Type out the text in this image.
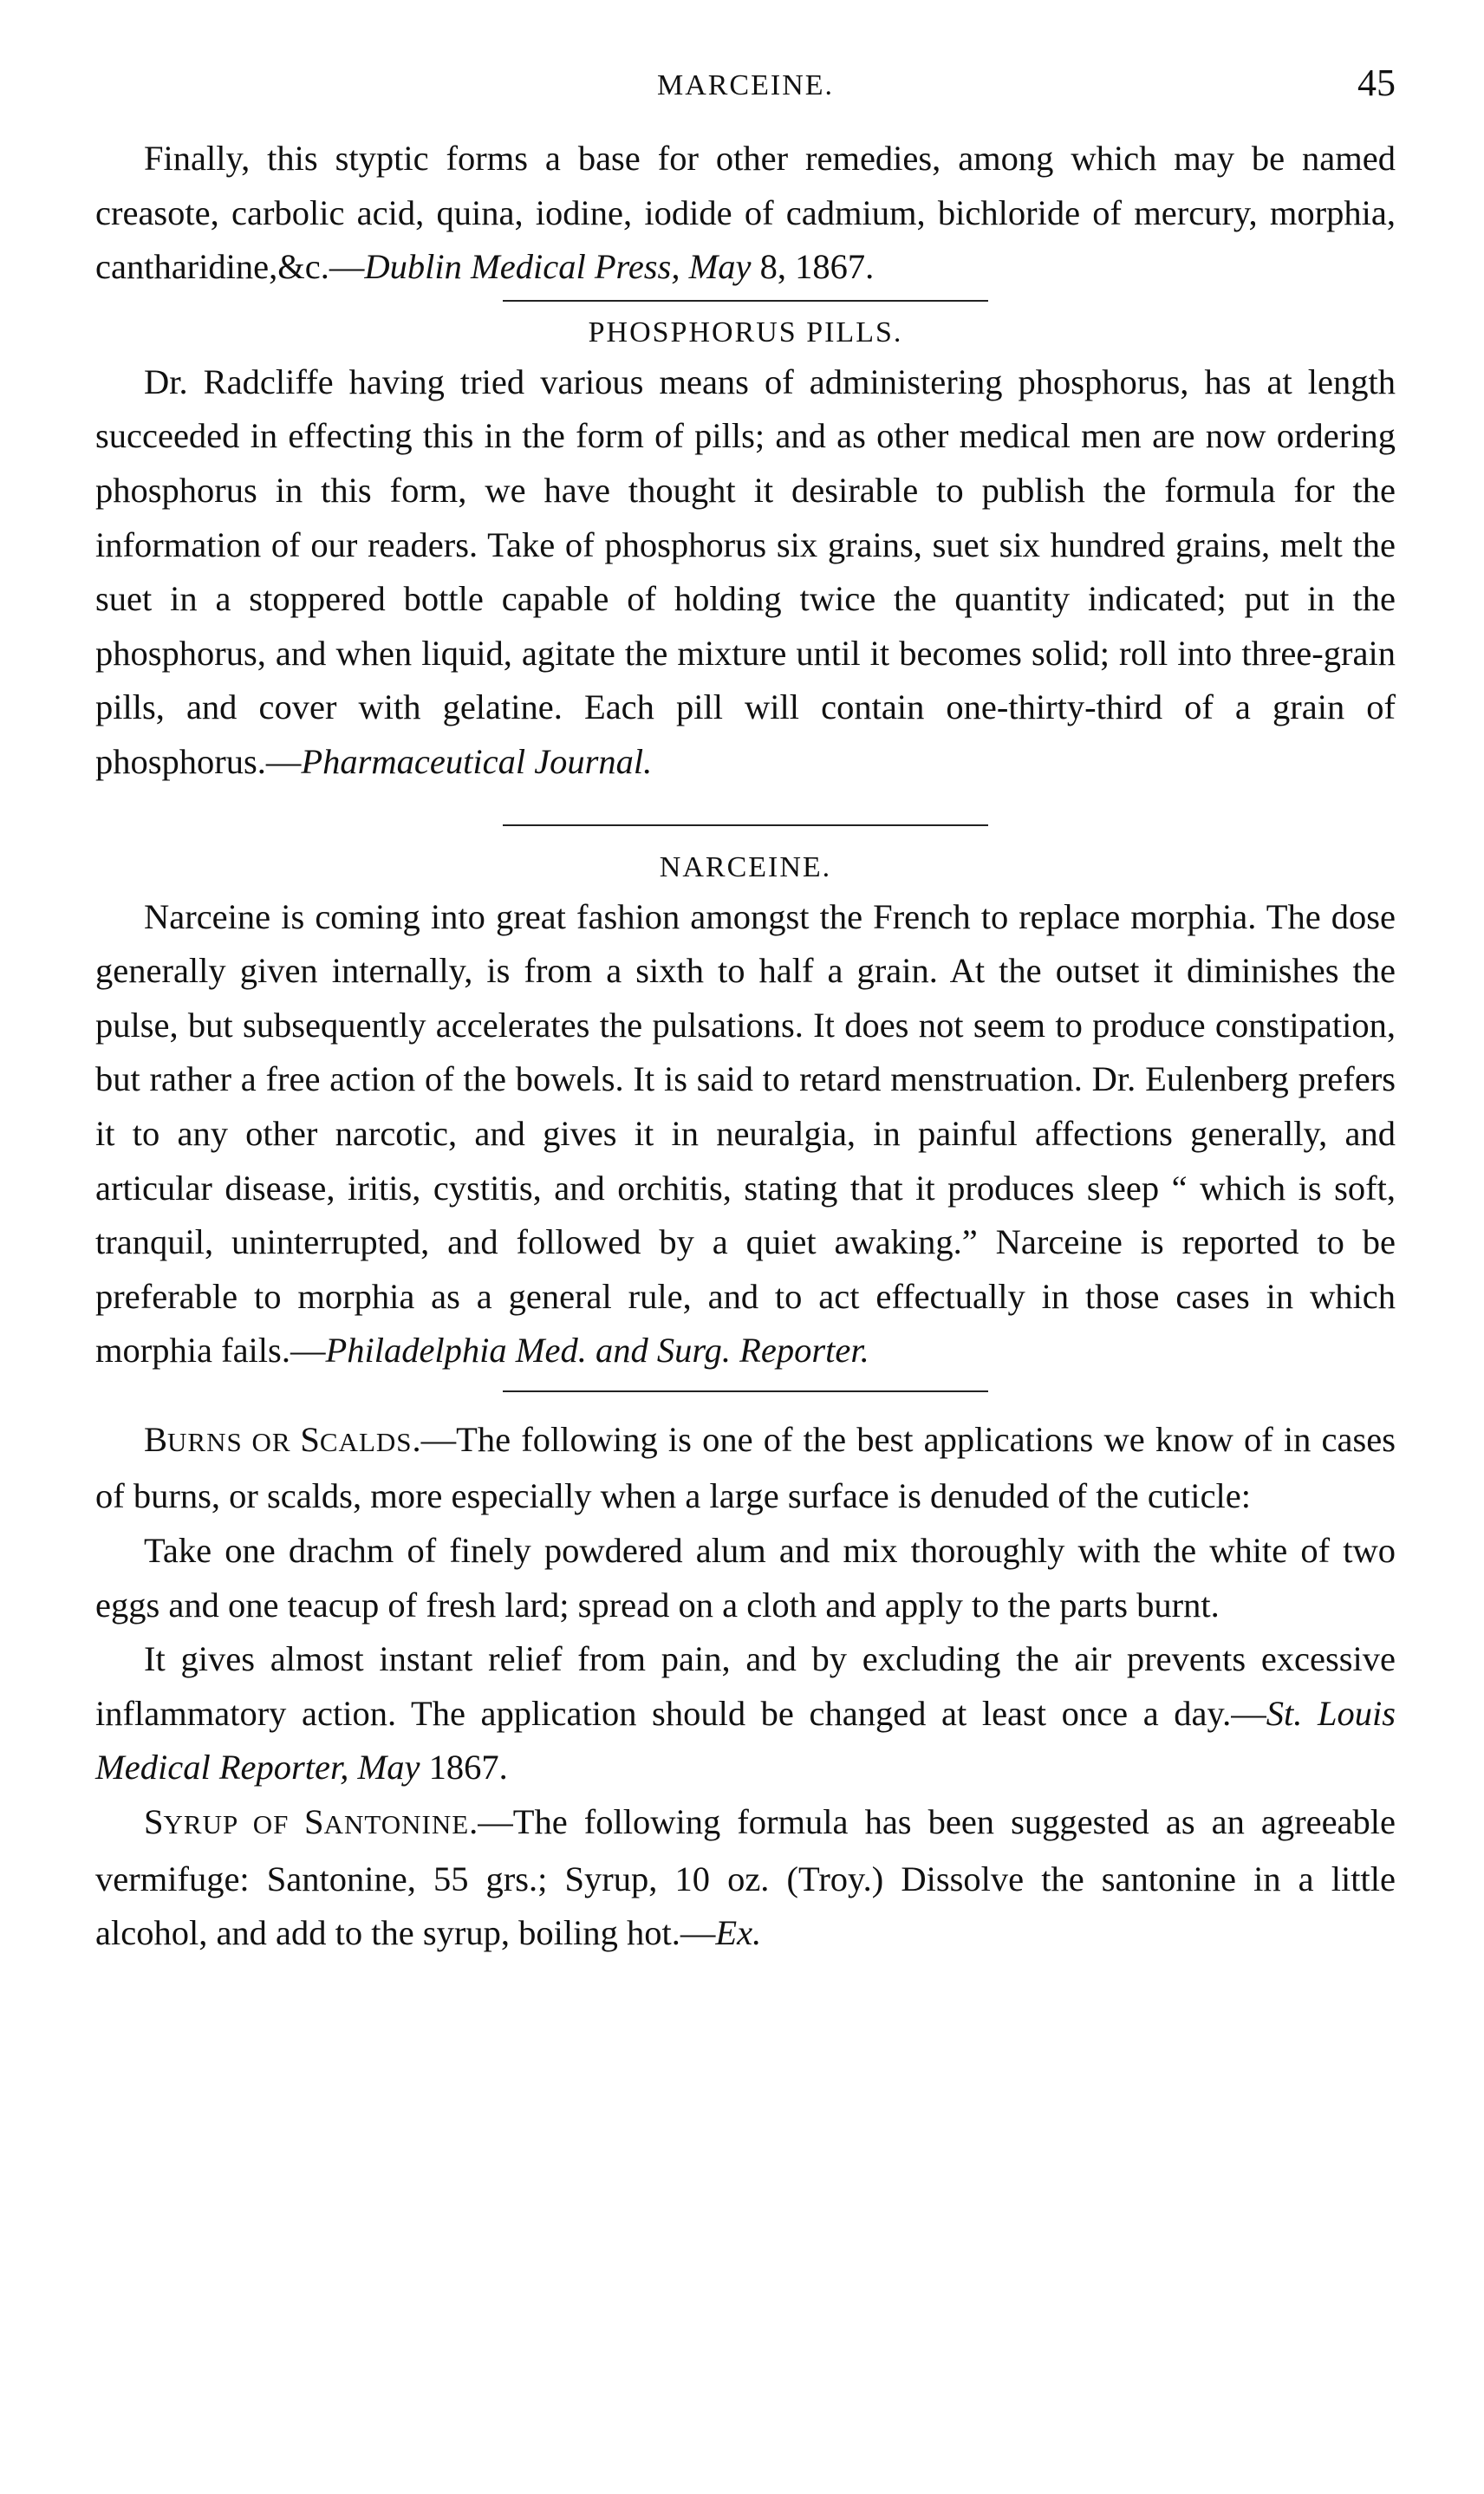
MARCEINE.	45

Finally, this styptic forms a base for other remedies, among which may be named creasote, carbolic acid, quina, iodine, iodide of cadmium, bichloride of mercury, morphia, cantharidine,&c.—Dublin Medical Press, May 8, 1867.

PHOSPHORUS PILLS.

Dr. Radcliffe having tried various means of administering phosphorus, has at length succeeded in effecting this in the form of pills; and as other medical men are now ordering phosphorus in this form, we have thought it desirable to publish the formula for the information of our readers. Take of phosphorus six grains, suet six hundred grains, melt the suet in a stoppered bottle capable of holding twice the quantity indicated; put in the phosphorus, and when liquid, agitate the mixture until it becomes solid; roll into three-grain pills, and cover with gelatine. Each pill will contain one-thirty-third of a grain of phosphorus.—Pharmaceutical Journal.

NARCEINE.

Narceine is coming into great fashion amongst the French to replace morphia. The dose generally given internally, is from a sixth to half a grain. At the outset it diminishes the pulse, but subsequently accelerates the pulsations. It does not seem to produce constipation, but rather a free action of the bowels. It is said to retard menstruation. Dr. Eulenberg prefers it to any other narcotic, and gives it in neuralgia, in painful affections generally, and articular disease, iritis, cystitis, and orchitis, stating that it produces sleep “ which is soft, tranquil, uninterrupted, and followed by a quiet awaking.” Narceine is reported to be preferable to morphia as a general rule, and to act effectually in those cases in which morphia fails.—Philadelphia Med. and Surg. Reporter.

BURNS OR SCALDS.—The following is one of the best applications we know of in cases of burns, or scalds, more especially when a large surface is denuded of the cuticle:

Take one drachm of finely powdered alum and mix thoroughly with the white of two eggs and one teacup of fresh lard; spread on a cloth and apply to the parts burnt.

It gives almost instant relief from pain, and by excluding the air prevents excessive inflammatory action. The application should be changed at least once a day.—St. Louis Medical Reporter, May 1867.

SYRUP OF SANTONINE.—The following formula has been suggested as an agreeable vermifuge: Santonine, 55 grs.; Syrup, 10 oz. (Troy.) Dissolve the santonine in a little alcohol, and add to the syrup, boiling hot.—Ex.
